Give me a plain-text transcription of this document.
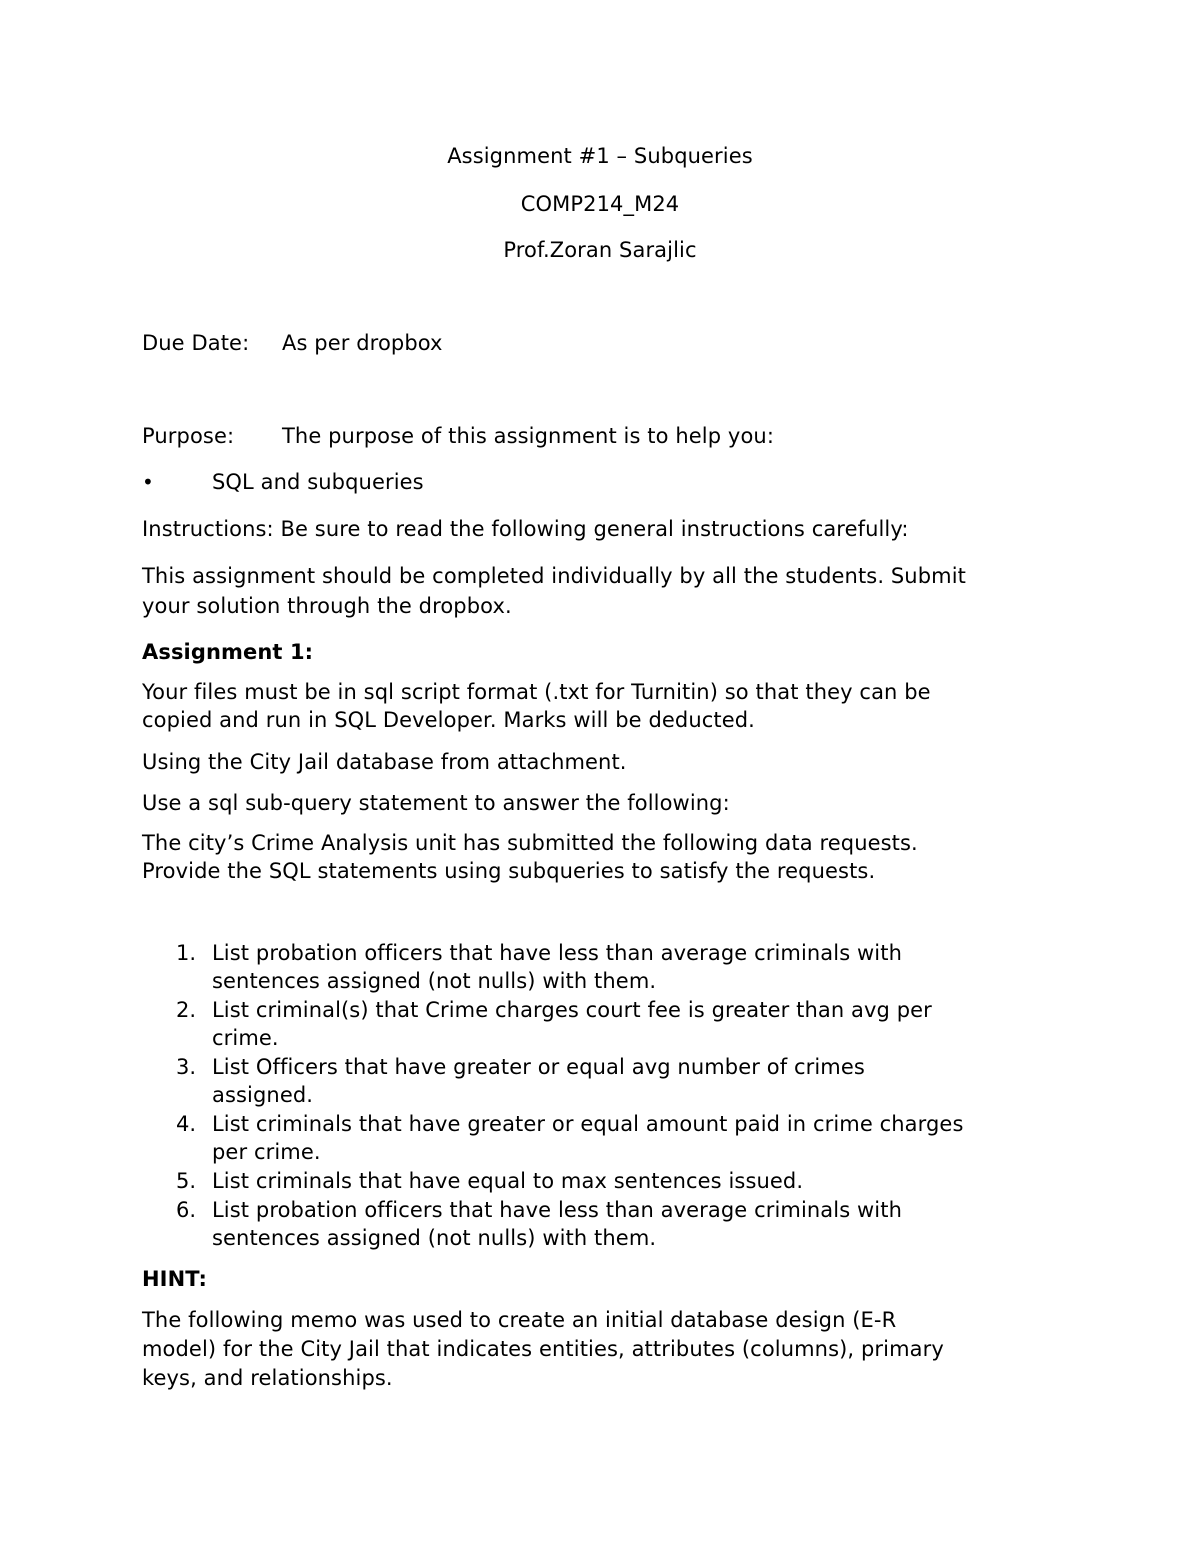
Assignment #1 – Subqueries
COMP214_M24
Prof.Zoran Sarajlic
Due Date: As per dropbox
Purpose: The purpose of this assignment is to help you:
•	SQL and subqueries
Instructions: Be sure to read the following general instructions carefully:
This assignment should be completed individually by all the students. Submit
your solution through the dropbox.
Assignment 1:
Your files must be in sql script format (.txt for Turnitin) so that they can be
copied and run in SQL Developer. Marks will be deducted.
Using the City Jail database from attachment.
Use a sql sub-query statement to answer the following:
The city’s Crime Analysis unit has submitted the following data requests.
Provide the SQL statements using subqueries to satisfy the requests.
1. List probation officers that have less than average criminals with
sentences assigned (not nulls) with them.
2. List criminal(s) that Crime charges court fee is greater than avg per
crime.
3. List Officers that have greater or equal avg number of crimes
assigned.
4. List criminals that have greater or equal amount paid in crime charges
per crime.
5. List criminals that have equal to max sentences issued.
6. List probation officers that have less than average criminals with
sentences assigned (not nulls) with them.
HINT:
The following memo was used to create an initial database design (E-R
model) for the City Jail that indicates entities, attributes (columns), primary
keys, and relationships.
